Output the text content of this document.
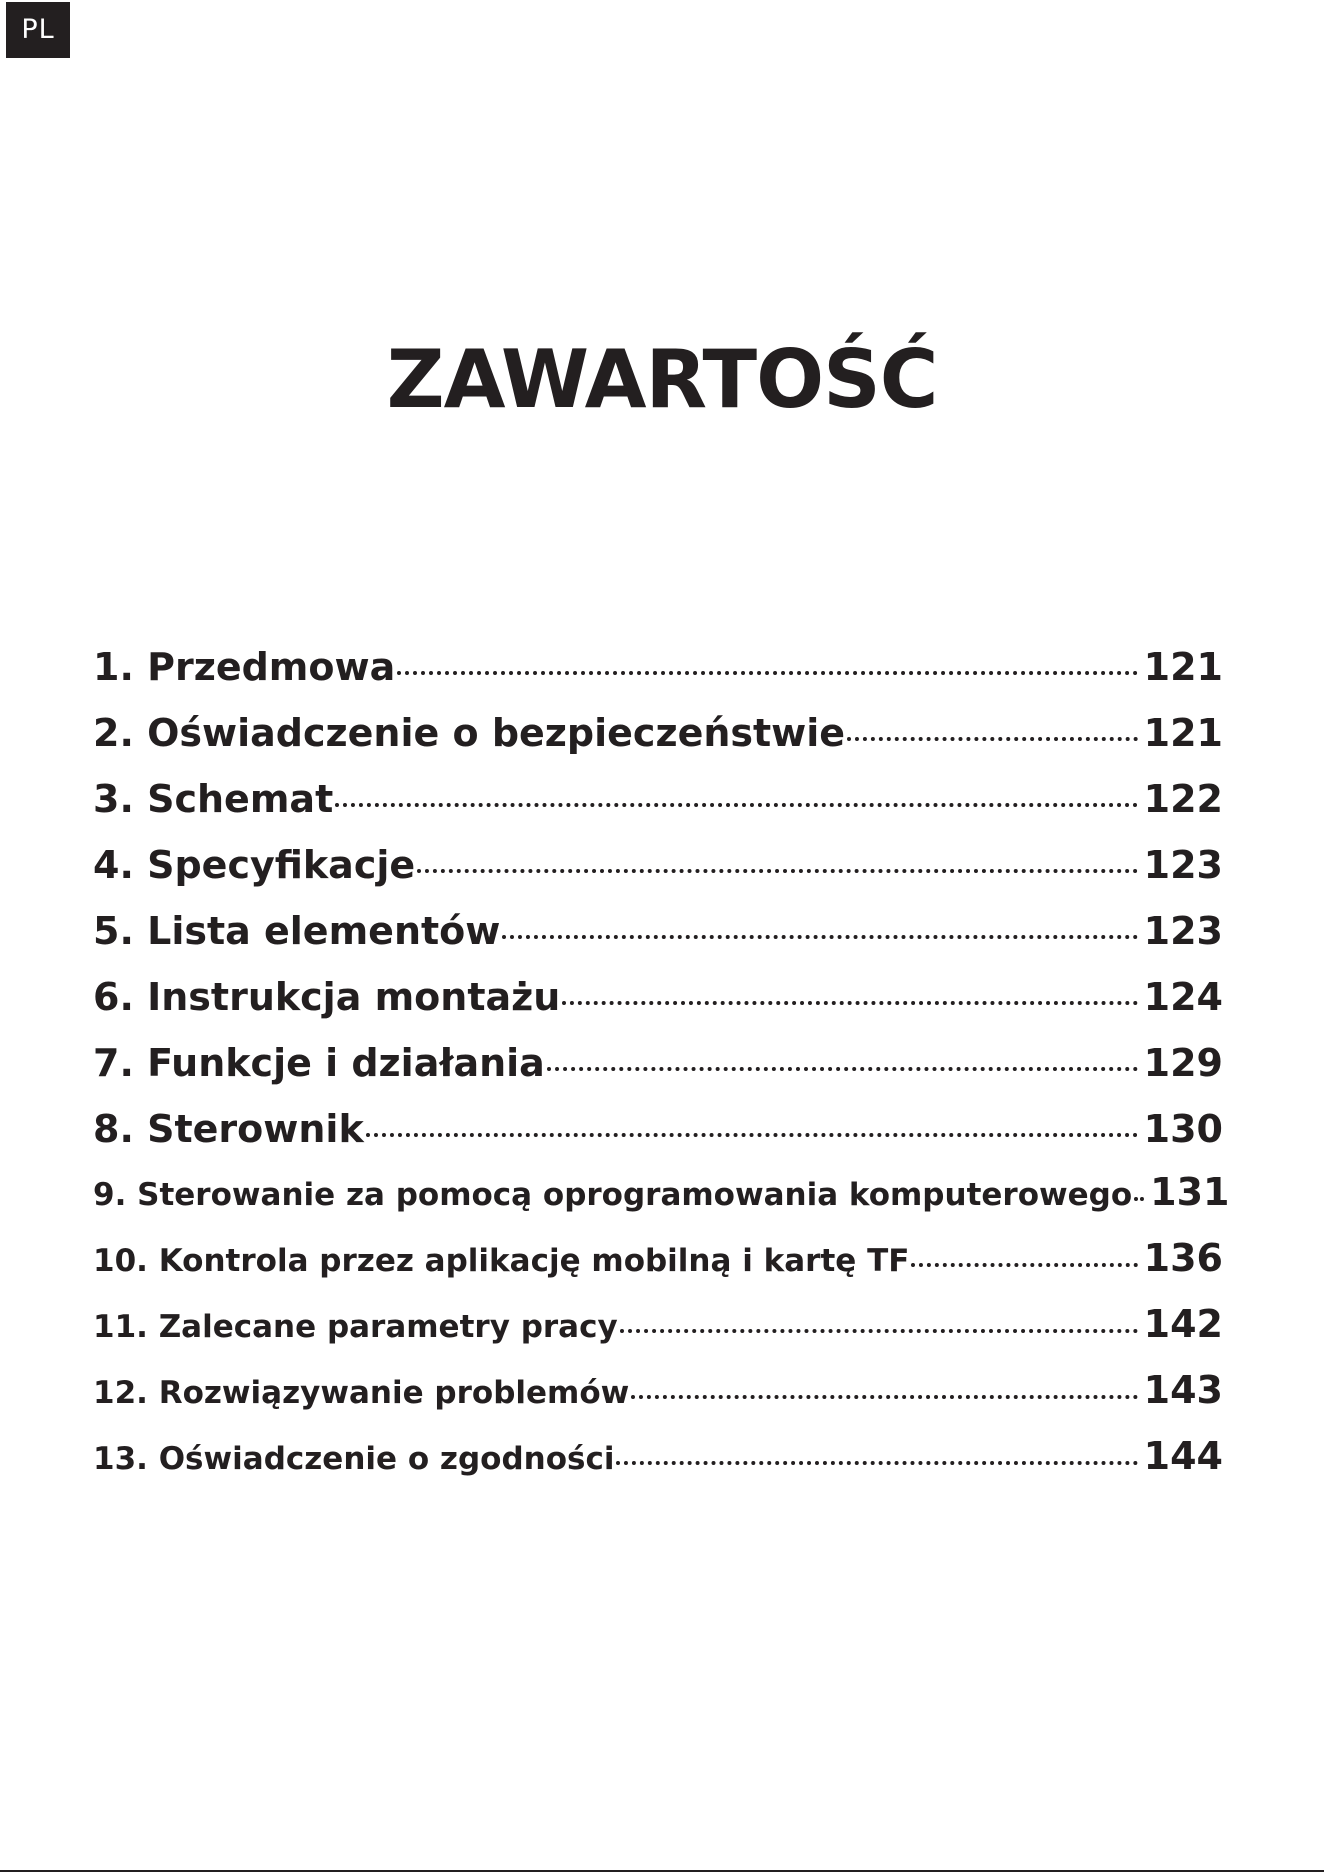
PL
ZAWARTOŚĆ
1. Przedmowa	121
2. Oświadczenie o bezpieczeństwie	121
3. Schemat	122
4. Specyfikacje	123
5. Lista elementów	123
6. Instrukcja montażu	124
7. Funkcje i działania	129
8. Sterownik	130
9. Sterowanie za pomocą oprogramowania komputerowego 131
10. Kontrola przez aplikację mobilną i kartę TF	136
11. Zalecane parametry pracy	142
12. Rozwiązywanie problemów	143
13. Oświadczenie o zgodności	144
